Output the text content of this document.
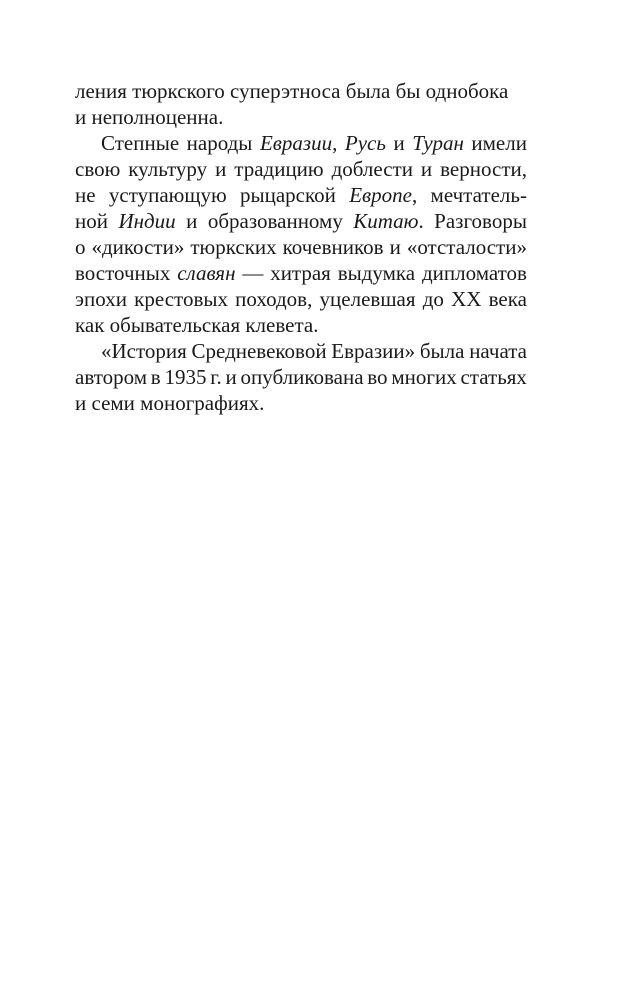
ления тюркского суперэтноса была бы однобока
и неполноценна.
Степные народы Евразии, Русь и Туран имели
свою культуру и традицию доблести и верности,
не уступающую рыцарской Европе, мечтатель-
ной Индии и образованному Китаю. Разговоры
о «дикости» тюркских кочевников и «отсталости»
восточных славян — хитрая выдумка дипломатов
эпохи крестовых походов, уцелевшая до XX века
как обывательская клевета.
«История Средневековой Евразии» была начата
автором в 1935 г. и опубликована во многих статьях
и семи монографиях.
